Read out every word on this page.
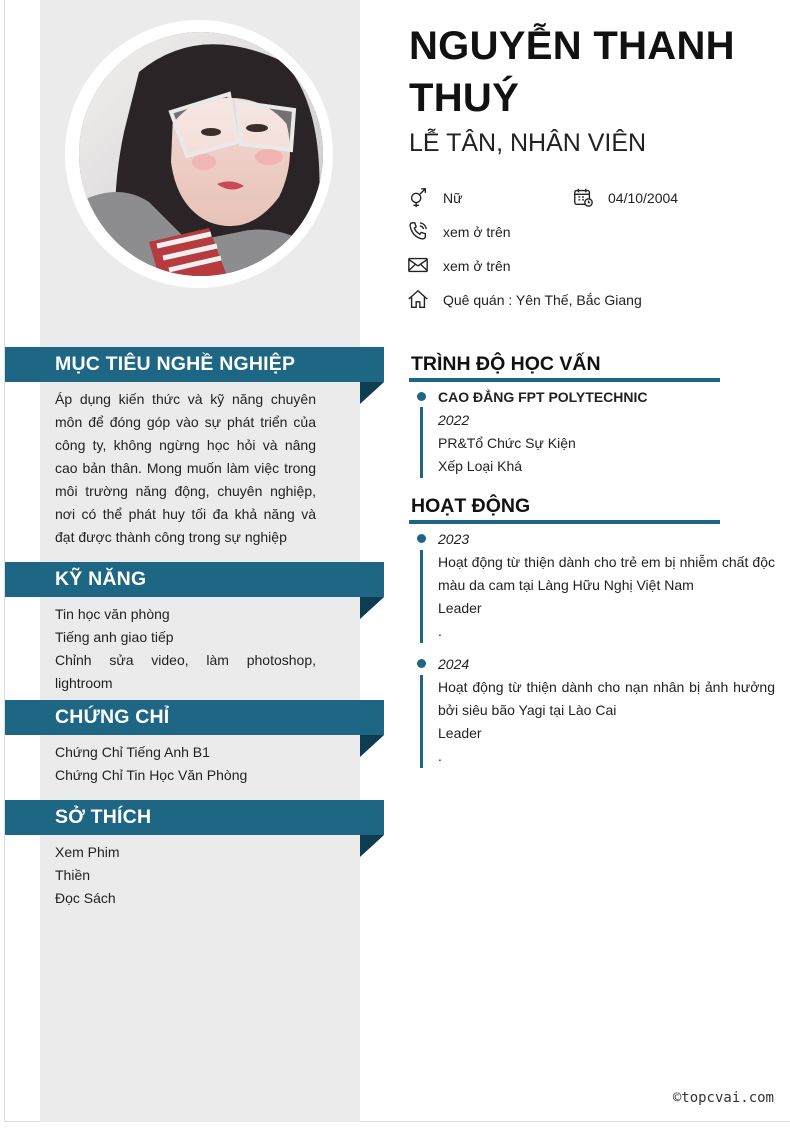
NGUYỄN THANH
THUÝ
LỄ TÂN, NHÂN VIÊN
Nữ	04/10/2004
xem ở trên
xem ở trên
Quê quán : Yên Thế, Bắc Giang
MỤC TIÊU NGHỀ NGHIỆP
Áp dụng kiến thức và kỹ năng chuyên môn để đóng góp vào sự phát triển của công ty, không ngừng học hỏi và nâng cao bản thân. Mong muốn làm việc trong môi trường năng động, chuyên nghiệp, nơi có thể phát huy tối đa khả năng và đạt được thành công trong sự nghiệp
KỸ NĂNG
Tin học văn phòng
Tiếng anh giao tiếp
Chỉnh sửa video, làm photoshop, lightroom
CHỨNG CHỈ
Chứng Chỉ Tiếng Anh B1
Chứng Chỉ Tin Học Văn Phòng
SỞ THÍCH
Xem Phim
Thiền
Đọc Sách
TRÌNH ĐỘ HỌC VẤN
CAO ĐẲNG FPT POLYTECHNIC
2022
PR&Tổ Chức Sự Kiện
Xếp Loại Khá
HOẠT ĐỘNG
2023
Hoạt động từ thiện dành cho trẻ em bị nhiễm chất độc màu da cam tại Làng Hữu Nghị Việt Nam
Leader
.
2024
Hoạt động từ thiện dành cho nạn nhân bị ảnh hưởng bởi siêu bão Yagi tại Lào Cai
Leader
.
©topcvai.com
